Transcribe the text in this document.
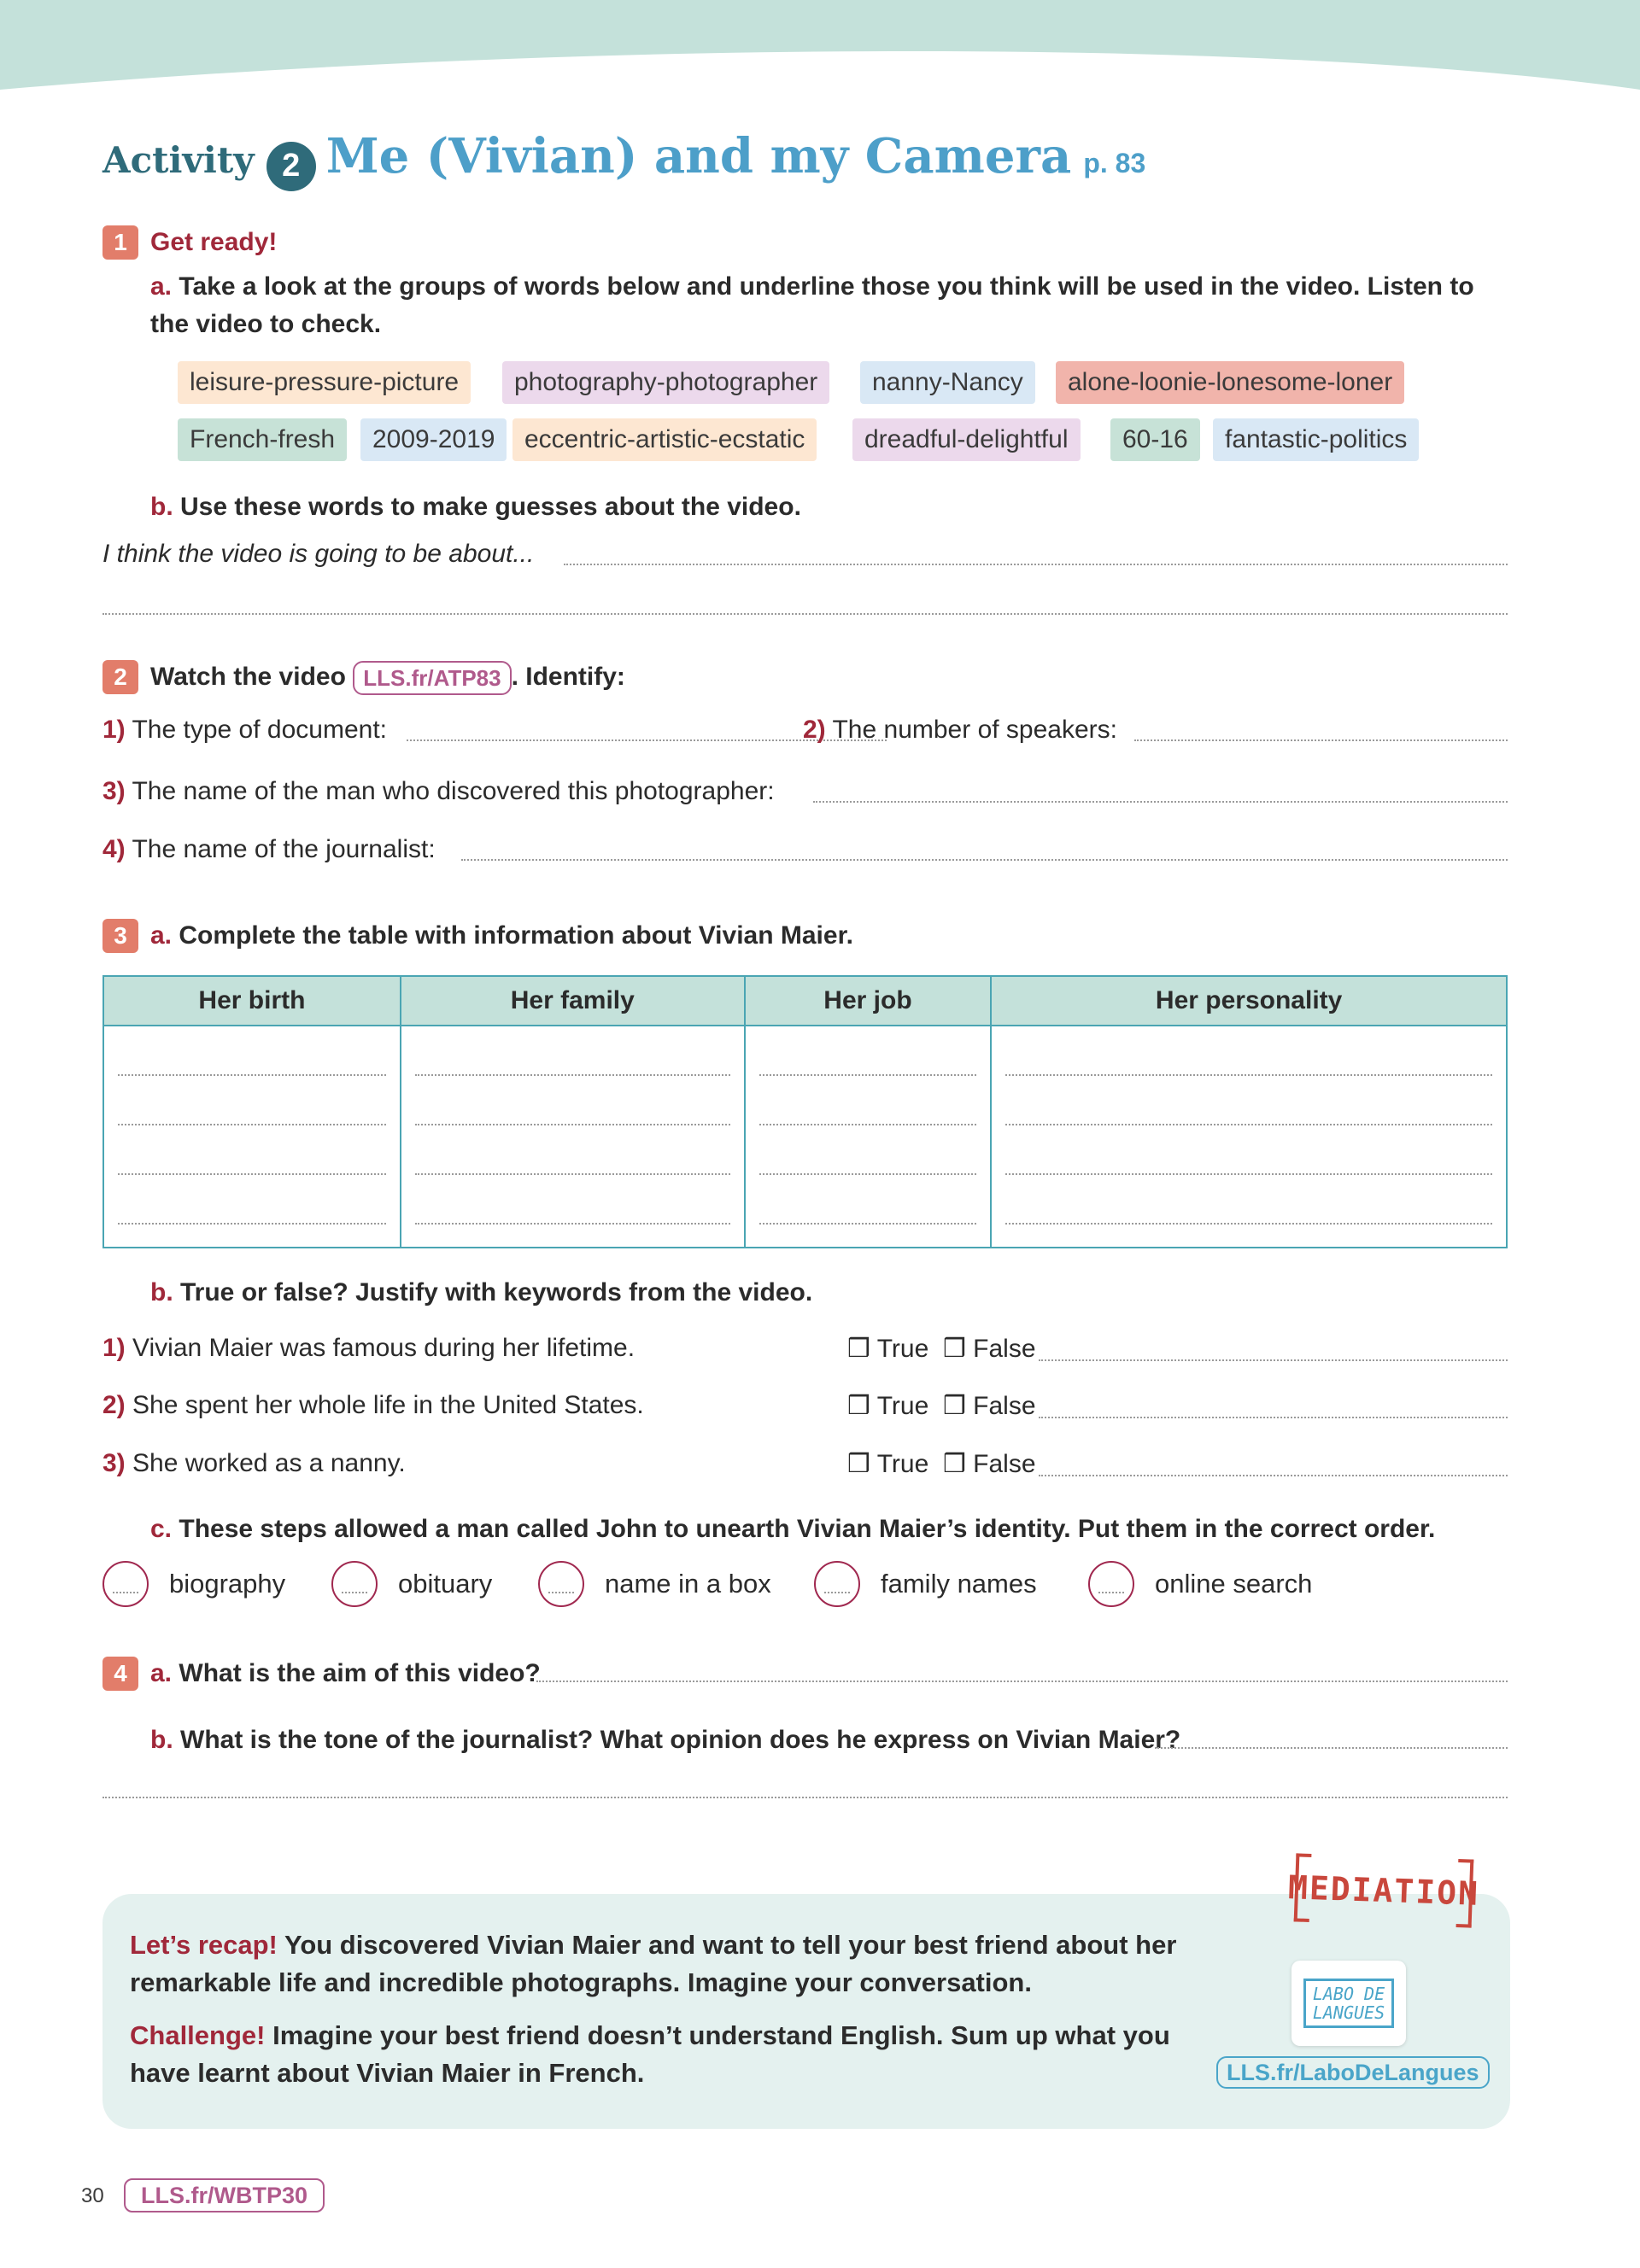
Activity 2 Me (Vivian) and my Camera p. 83
1 Get ready!
a. Take a look at the groups of words below and underline those you think will be used in the video. Listen to the video to check.
leisure-pressure-picture	photography-photographer	nanny-Nancy	alone-loonie-lonesome-loner
French-fresh	2009-2019	eccentric-artistic-ecstatic	dreadful-delightful	60-16	fantastic-politics
b. Use these words to make guesses about the video.
I think the video is going to be about...
2 Watch the video LLS.fr/ATP83 . Identify:
1) The type of document:	2) The number of speakers:
3) The name of the man who discovered this photographer:
4) The name of the journalist:
3 a. Complete the table with information about Vivian Maier.
Her birth	Her family	Her job	Her personality

b. True or false? Justify with keywords from the video.
1) Vivian Maier was famous during her lifetime.	❒ True ❒ False
2) She spent her whole life in the United States.	❒ True ❒ False
3) She worked as a nanny.	❒ True ❒ False
c. These steps allowed a man called John to unearth Vivian Maier’s identity. Put them in the correct order.
biography	obituary	name in a box	family names	online search
4 a. What is the aim of this video?
b. What is the tone of the journalist? What opinion does he express on Vivian Maier?
Let’s recap! You discovered Vivian Maier and want to tell your best friend about her remarkable life and incredible photographs. Imagine your conversation.
Challenge! Imagine your best friend doesn’t understand English. Sum up what you have learnt about Vivian Maier in French.
MEDIATION
LABO DE
LANGUES
LLS.fr/LaboDeLangues
30	LLS.fr/WBTP30
